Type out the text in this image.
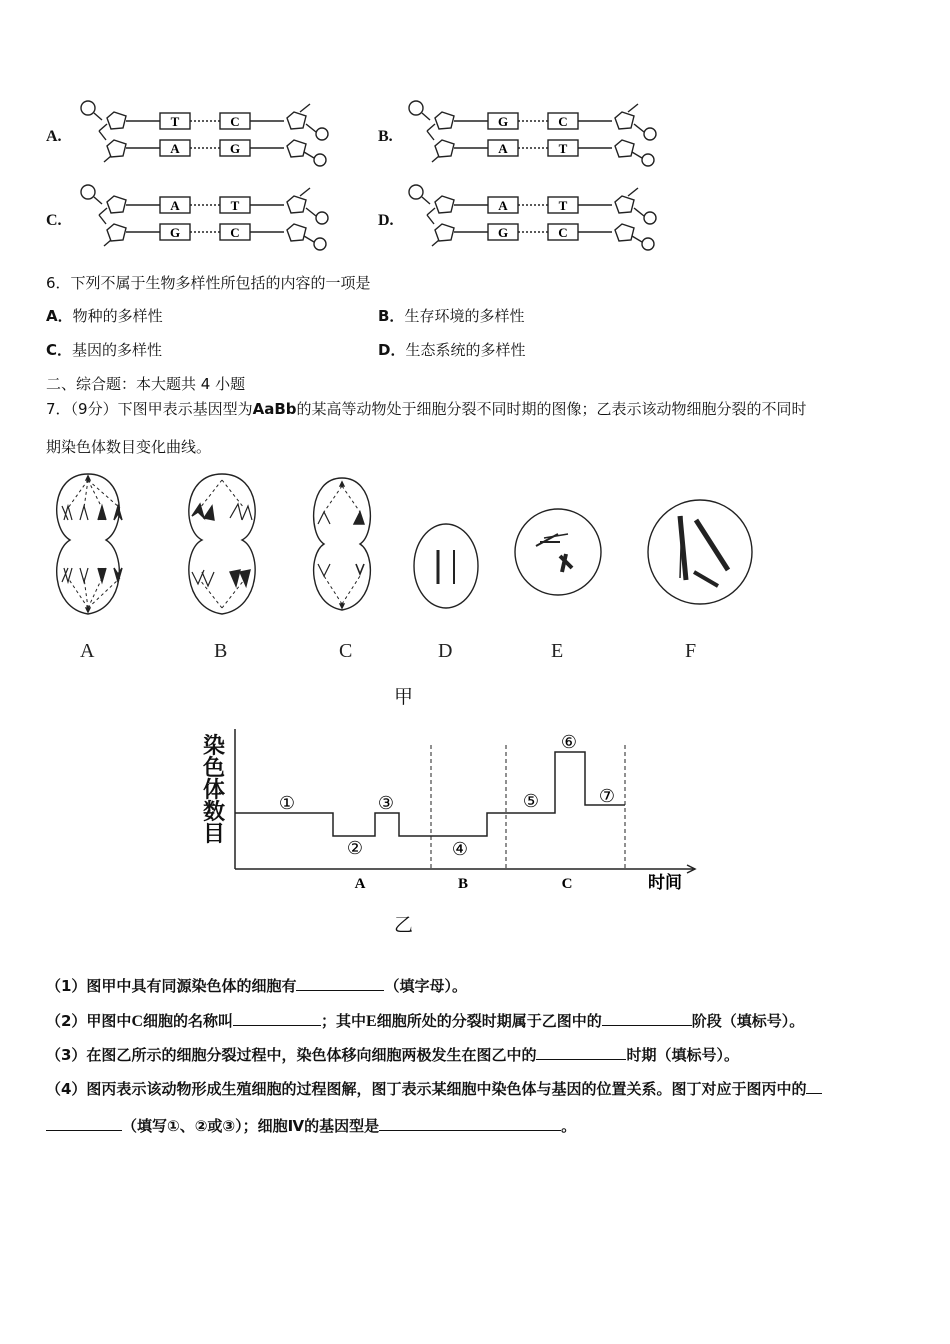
A.
T	C
A	G
B.
G	C
A	T
C.
A	T
G	C
D.
A	T
G	C
6．下列不属于生物多样性所包括的内容的一项是
A．物种的多样性	B．生存环境的多样性
C．基因的多样性	D．生态系统的多样性
二、综合题：本大题共 4 小题
7．（9分）下图甲表示基因型为AaBb的某高等动物处于细胞分裂不同时期的图像；乙表示该动物细胞分裂的不同时
期染色体数目变化曲线。
A	B	C	D	E	F
甲
①
②
③
④
⑤
⑥
⑦
A	B	C	时间
染
色
体
数
目
乙
（1）图甲中具有同源染色体的细胞有	（填字母）。
（2）甲图中C细胞的名称叫	；其中E细胞所处的分裂时期属于乙图中的	阶段（填标号）。
（3）在图乙所示的细胞分裂过程中，染色体移向细胞两极发生在图乙中的	时期（填标号）。
（4）图丙表示该动物形成生殖细胞的过程图解，图丁表示某细胞中染色体与基因的位置关系。图丁对应于图丙中的
（填写①、②或③）；细胞Ⅳ的基因型是	。
